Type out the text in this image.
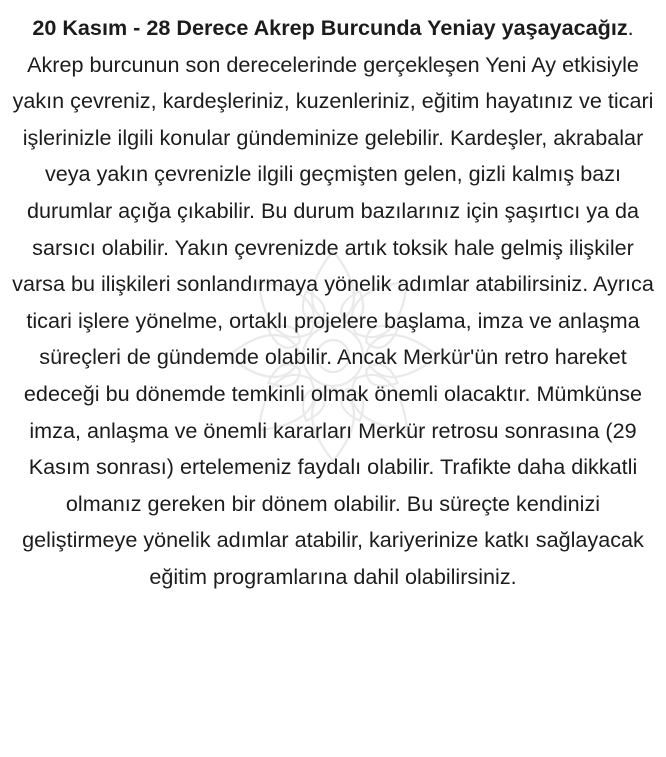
20 Kasım - 28 Derece Akrep Burcunda Yeniay yaşayacağız. Akrep burcunun son derecelerinde gerçekleşen Yeni Ay etkisiyle yakın çevreniz, kardeşleriniz, kuzenleriniz, eğitim hayatınız ve ticari işlerinizle ilgili konular gündeminize gelebilir. Kardeşler, akrabalar veya yakın çevrenizle ilgili geçmişten gelen, gizli kalmış bazı durumlar açığa çıkabilir. Bu durum bazılarınız için şaşırtıcı ya da sarsıcı olabilir. Yakın çevrenizde artık toksik hale gelmiş ilişkiler varsa bu ilişkileri sonlandırmaya yönelik adımlar atabilirsiniz. Ayrıca ticari işlere yönelme, ortaklı projelere başlama, imza ve anlaşma süreçleri de gündemde olabilir. Ancak Merkür'ün retro hareket edeceği bu dönemde temkinli olmak önemli olacaktır. Mümkünse imza, anlaşma ve önemli kararları Merkür retrosu sonrasına (29 Kasım sonrası) ertelemeniz faydalı olabilir. Trafikte daha dikkatli olmanız gereken bir dönem olabilir. Bu süreçte kendinizi geliştirmeye yönelik adımlar atabilir, kariyerinize katkı sağlayacak eğitim programlarına dahil olabilirsiniz.
